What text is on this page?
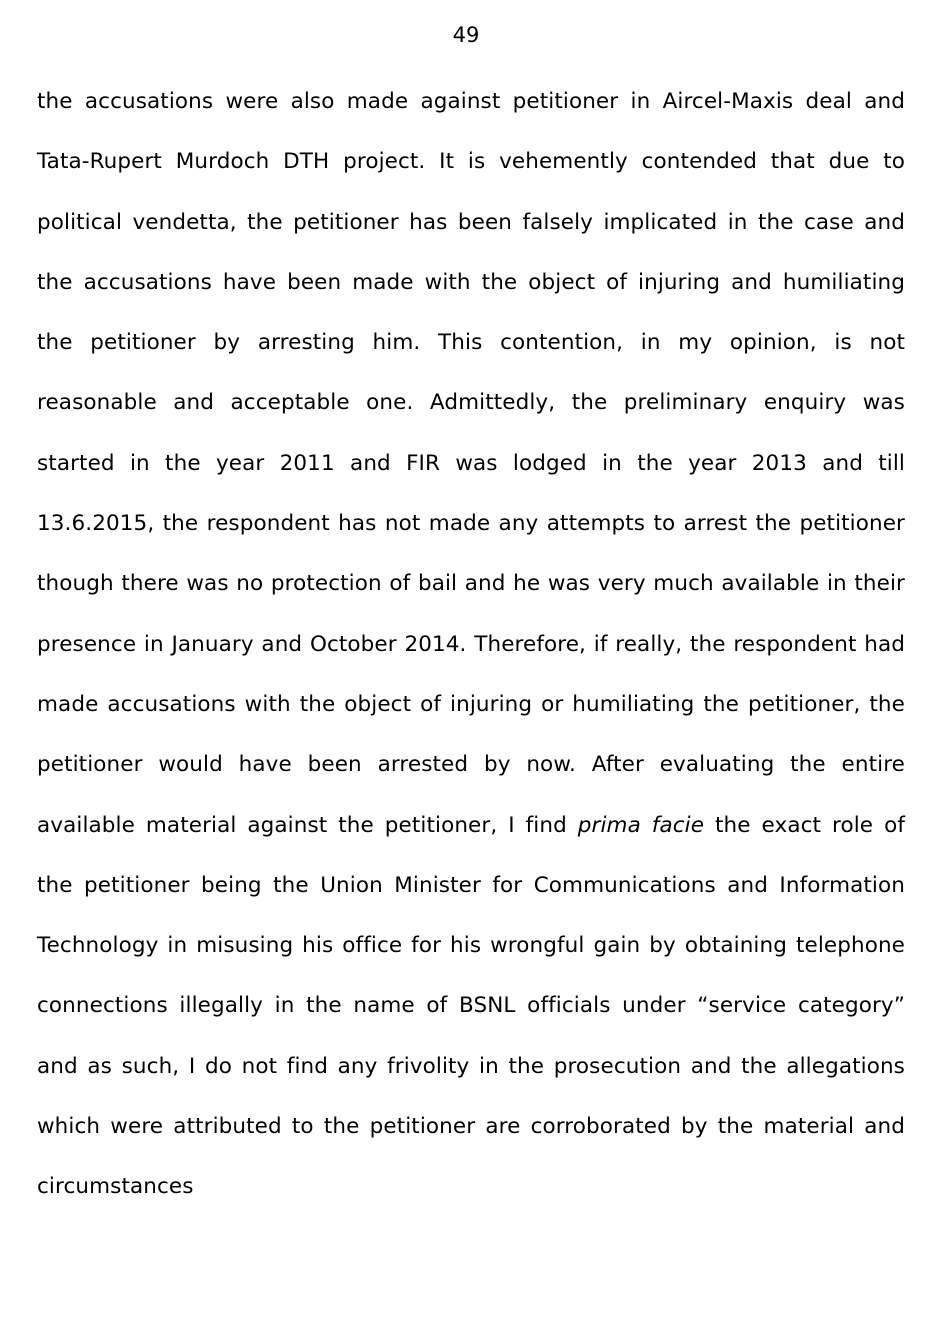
49

the accusations were also made against petitioner in Aircel-Maxis deal and Tata-Rupert Murdoch DTH project. It is vehemently contended that due to political vendetta, the petitioner has been falsely implicated in the case and the accusations have been made with the object of injuring and humiliating the petitioner by arresting him. This contention, in my opinion, is not reasonable and acceptable one. Admittedly, the preliminary enquiry was started in the year 2011 and FIR was lodged in the year 2013 and till 13.6.2015, the respondent has not made any attempts to arrest the petitioner though there was no protection of bail and he was very much available in their presence in January and October 2014. Therefore, if really, the respondent had made accusations with the object of injuring or humiliating the petitioner, the petitioner would have been arrested by now. After evaluating the entire available material against the petitioner, I find prima facie the exact role of the petitioner being the Union Minister for Communications and Information Technology in misusing his office for his wrongful gain by obtaining telephone connections illegally in the name of BSNL officials under “service category” and as such, I do not find any frivolity in the prosecution and the allegations which were attributed to the petitioner are corroborated by the material and circumstances
